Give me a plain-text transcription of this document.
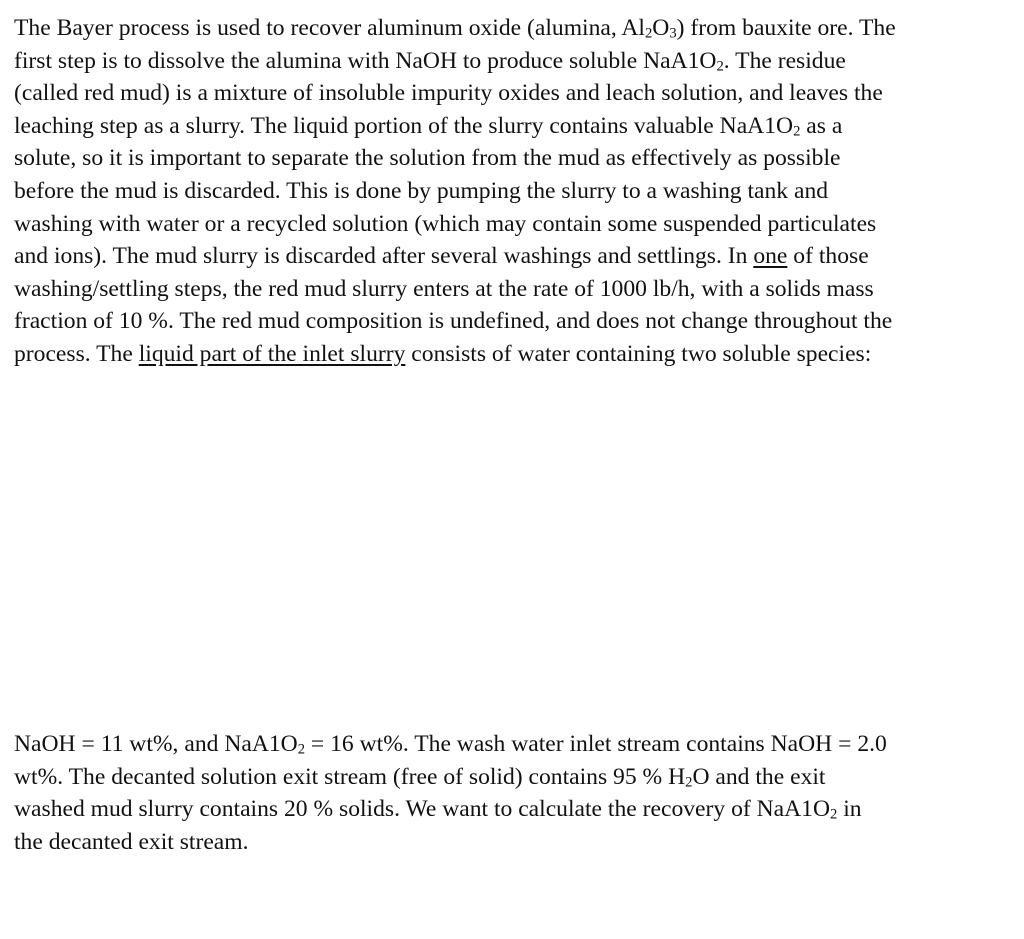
The Bayer process is used to recover aluminum oxide (alumina, $Al_2O_3$) from bauxite ore. The
first step is to dissolve the alumina with NaOH to produce soluble $NaA1O_2$. The residue
(called red mud) is a mixture of insoluble impurity oxides and leach solution, and leaves the
leaching step as a slurry. The liquid portion of the slurry contains valuable $NaA1O_2$ as a
solute, so it is important to separate the solution from the mud as effectively as possible
before the mud is discarded. This is done by pumping the slurry to a washing tank and
washing with water or a recycled solution (which may contain some suspended particulates
and ions). The mud slurry is discarded after several washings and settlings. In one of those
washing/settling steps, the red mud slurry enters at the rate of 1000 lb/h, with a solids mass
fraction of 10 %. The red mud composition is undefined, and does not change throughout the
process. The liquid part of the inlet slurry consists of water containing two soluble species:
NaOH = 11 wt%, and $NaA1O_2 = 16$ wt%. The wash water inlet stream contains NaOH = 2.0
wt%. The decanted solution exit stream (free of solid) contains 95 % $H_2O$ and the exit
washed mud slurry contains 20 % solids. We want to calculate the recovery of $NaA1O_2$ in
the decanted exit stream.
